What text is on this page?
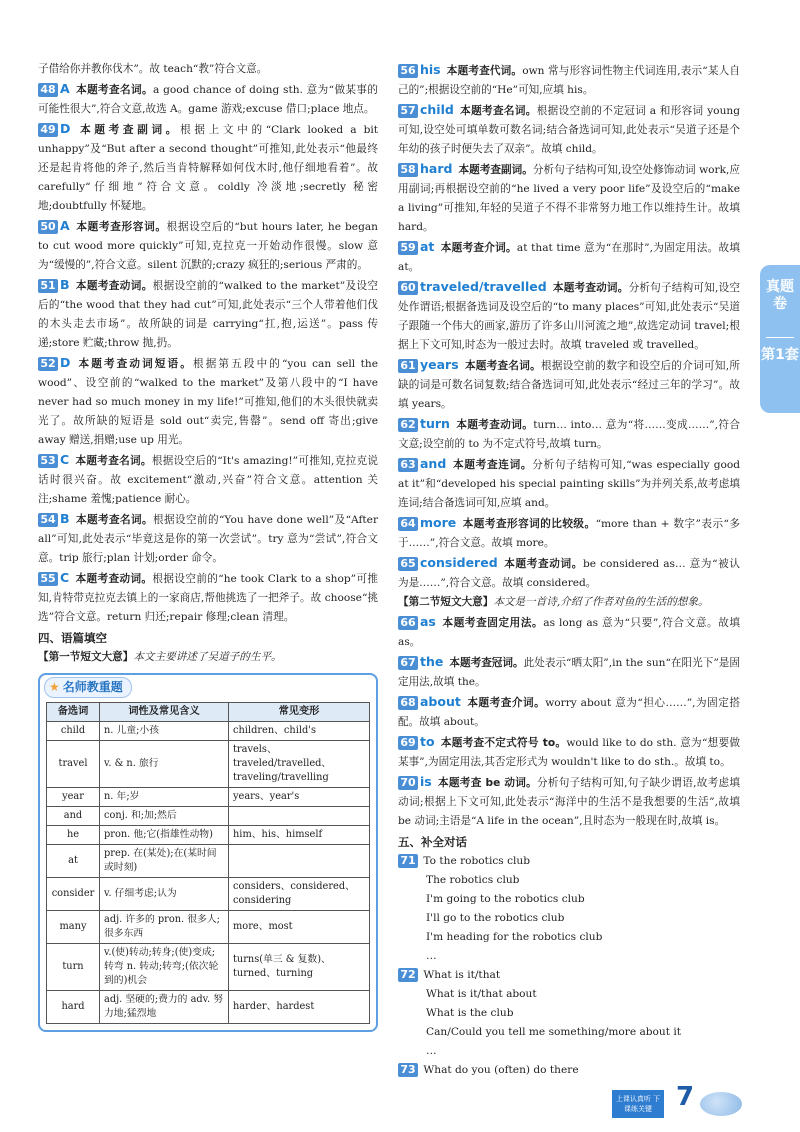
子借给你并教你伐木”。故 teach“教”符合文意。

48 A 本题考查名词。a good chance of doing sth. 意为“做某事的可能性很大”,符合文意,故选 A。game 游戏;excuse 借口;place 地点。

49 D 本题考查副词。根据上文中的“Clark looked a bit unhappy”及“But after a second thought”可推知,此处表示“他最终还是起肯将他的斧子,然后当肯特解释如何伐木时,他仔细地看着”。故 carefully“仔细地”符合文意。coldly 冷淡地;secretly 秘密地;doubtfully 怀疑地。

50 A 本题考查形容词。根据设空后的“but hours later, he began to cut wood more quickly”可知,克拉克一开始动作很慢。slow 意为“缓慢的”,符合文意。silent 沉默的;crazy 疯狂的;serious 严肃的。

51 B 本题考查动词。根据设空前的“walked to the market”及设空后的“the wood that they had cut”可知,此处表示“三个人带着他们伐的木头走去市场”。故所缺的词是 carrying“扛,抱,运送”。pass 传递;store 贮藏;throw 抛,扔。

52 D 本题考查动词短语。根据第五段中的“you can sell the wood”、设空前的“walked to the market”及第八段中的“I have never had so much money in my life!”可推知,他们的木头很快就卖光了。故所缺的短语是 sold out“卖完,售罄”。send off 寄出;give away 赠送,捐赠;use up 用光。

53 C 本题考查名词。根据设空后的“It's amazing!”可推知,克拉克说话时很兴奋。故 excitement“激动,兴奋”符合文意。attention 关注;shame 羞愧;patience 耐心。

54 B 本题考查名词。根据设空前的“You have done well”及“After all”可知,此处表示“毕竟这是你的第一次尝试”。try 意为“尝试”,符合文意。trip 旅行;plan 计划;order 命令。

55 C 本题考查动词。根据设空前的“he took Clark to a shop”可推知,肯特带克拉克去镇上的一家商店,帮他挑选了一把斧子。故 choose“挑选”符合文意。return 归还;repair 修理;clean 清理。

四、语篇填空
【第一节短文大意】本文主要讲述了吴道子的生平。
★ 名师教重题
备选词	词性及常见含义	常见变形
child	n. 儿童;小孩	children、child's
travel	v. & n. 旅行	travels、traveled/travelled、traveling/travelling
year	n. 年;岁	years、year's
and	conj. 和;加;然后	
he	pron. 他;它(指雄性动物)	him、his、himself
at	prep. 在(某处);在(某时间或时刻)	
consider	v. 仔细考虑;认为	considers、considered、considering
many	adj. 许多的 pron. 很多人;很多东西	more、most
turn	v.(使)转动;转身;(使)变成;转弯 n. 转动;转弯;(依次轮到的)机会	turns(单三 & 复数)、turned、turning
hard	adj. 坚硬的;费力的 adv. 努力地;猛烈地	harder、hardest

56 his 本题考查代词。own 常与形容词性物主代词连用,表示“某人自己的”;根据设空前的“He”可知,应填 his。

57 child 本题考查名词。根据设空前的不定冠词 a 和形容词 young 可知,设空处可填单数可数名词;结合备选词可知,此处表示“吴道子还是个年幼的孩子时便失去了双亲”。故填 child。

58 hard 本题考查副词。分析句子结构可知,设空处修饰动词 work,应用副词;再根据设空前的“he lived a very poor life”及设空后的“make a living”可推知,年轻的吴道子不得不非常努力地工作以维持生计。故填 hard。

59 at 本题考查介词。at that time 意为“在那时”,为固定用法。故填 at。

60 traveled/travelled 本题考查动词。分析句子结构可知,设空处作谓语;根据备选词及设空后的“to many places”可知,此处表示“吴道子跟随一个伟大的画家,游历了许多山川河流之地”,故选定动词 travel;根据上下文可知,时态为一般过去时。故填 traveled 或 travelled。

61 years 本题考查名词。根据设空前的数字和设空后的介词可知,所缺的词是可数名词复数;结合备选词可知,此处表示“经过三年的学习”。故填 years。

62 turn 本题考查动词。turn… into… 意为“将……变成……”,符合文意;设空前的 to 为不定式符号,故填 turn。

63 and 本题考查连词。分析句子结构可知,“was especially good at it”和“developed his special painting skills”为并列关系,故考虑填连词;结合备选词可知,应填 and。

64 more 本题考查形容词的比较级。“more than + 数字”表示“多于……”,符合文意。故填 more。

65 considered 本题考查动词。be considered as… 意为“被认为是……”,符合文意。故填 considered。

【第二节短文大意】本文是一首诗,介绍了作者对鱼的生活的想象。

66 as 本题考查固定用法。as long as 意为“只要”,符合文意。故填 as。

67 the 本题考查冠词。此处表示“晒太阳”,in the sun“在阳光下”是固定用法,故填 the。

68 about 本题考查介词。worry about 意为“担心……”,为固定搭配。故填 about。

69 to 本题考查不定式符号 to。would like to do sth. 意为“想要做某事”,为固定用法,其否定形式为 wouldn't like to do sth.。故填 to。

70 is 本题考查 be 动词。分析句子结构可知,句子缺少谓语,故考虑填动词;根据上下文可知,此处表示“海洋中的生活不是我想要的生活”,故填 be 动词;主语是“A life in the ocean”,且时态为一般现在时,故填 is。

五、补全对话

71 To the robotics club

The robotics club

I'm going to the robotics club

I'll go to the robotics club

I'm heading for the robotics club

…

72 What is it/that

What is it/that about

What is the club

Can/Could you tell me something/more about it

…

73 What do you (often) do there

真题卷
第1套
上课认真听 下课练关键 7
